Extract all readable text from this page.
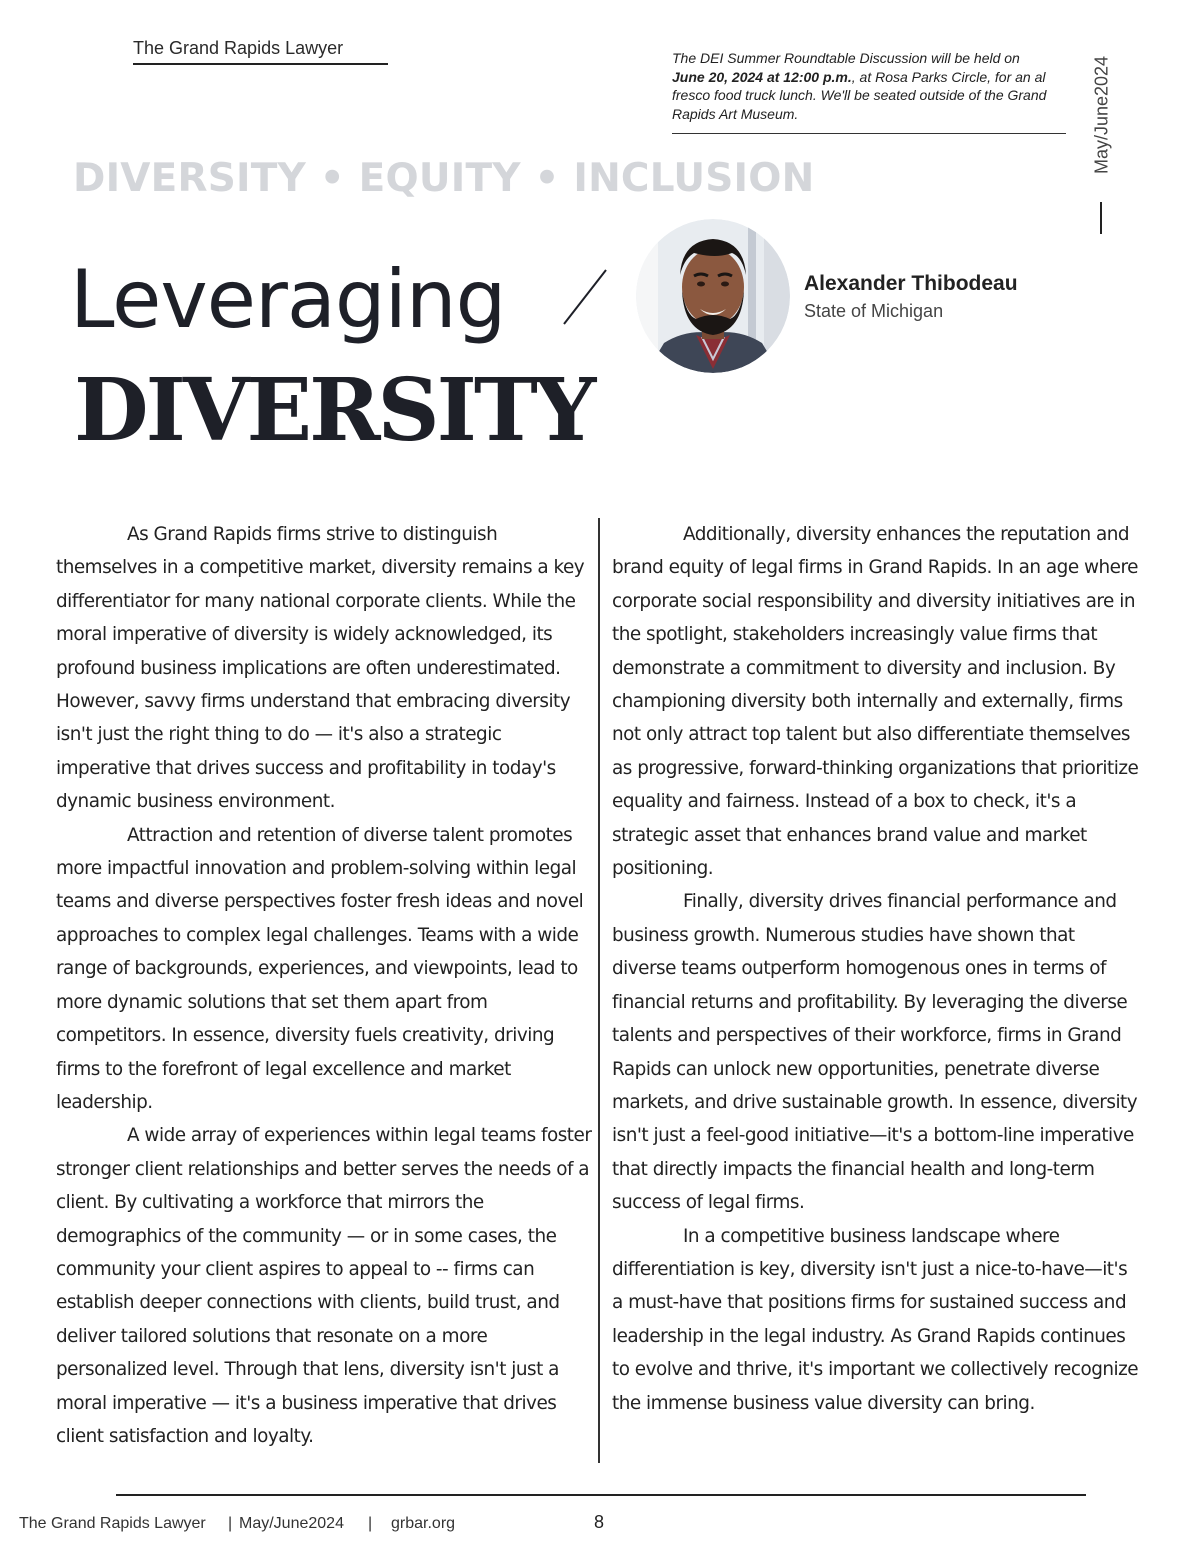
The Grand Rapids Lawyer	The DEI Summer Roundtable Discussion will be held on
June 20, 2024 at 12:00 p.m., at Rosa Parks Circle, for an al fresco food truck lunch. We'll be seated outside of the Grand Rapids Art Museum.	May/June2024
DIVERSITY • EQUITY • INCLUSION
Leveraging
DIVERSITY
Alexander Thibodeau
State of Michigan

As Grand Rapids firms strive to distinguish themselves in a competitive market, diversity remains a key differentiator for many national corporate clients. While the moral imperative of diversity is widely acknowledged, its profound business implications are often underestimated. However, savvy firms understand that embracing diversity isn't just the right thing to do — it's also a strategic imperative that drives success and profitability in today's dynamic business environment.

Attraction and retention of diverse talent promotes more impactful innovation and problem-solving within legal teams and diverse perspectives foster fresh ideas and novel approaches to complex legal challenges. Teams with a wide range of backgrounds, experiences, and viewpoints, lead to more dynamic solutions that set them apart from competitors. In essence, diversity fuels creativity, driving firms to the forefront of legal excellence and market leadership.

A wide array of experiences within legal teams foster stronger client relationships and better serves the needs of a client. By cultivating a workforce that mirrors the demographics of the community — or in some cases, the community your client aspires to appeal to -- firms can establish deeper connections with clients, build trust, and deliver tailored solutions that resonate on a more personalized level. Through that lens, diversity isn't just a moral imperative — it's a business imperative that drives client satisfaction and loyalty.

Additionally, diversity enhances the reputation and brand equity of legal firms in Grand Rapids. In an age where corporate social responsibility and diversity initiatives are in the spotlight, stakeholders increasingly value firms that demonstrate a commitment to diversity and inclusion. By championing diversity both internally and externally, firms not only attract top talent but also differentiate themselves as progressive, forward-thinking organizations that prioritize equality and fairness. Instead of a box to check, it's a strategic asset that enhances brand value and market positioning.

Finally, diversity drives financial performance and business growth. Numerous studies have shown that diverse teams outperform homogenous ones in terms of financial returns and profitability. By leveraging the diverse talents and perspectives of their workforce, firms in Grand Rapids can unlock new opportunities, penetrate diverse markets, and drive sustainable growth. In essence, diversity isn't just a feel-good initiative—it's a bottom-line imperative that directly impacts the financial health and long-term success of legal firms.

In a competitive business landscape where differentiation is key, diversity isn't just a nice-to-have—it's a must-have that positions firms for sustained success and leadership in the legal industry. As Grand Rapids continues to evolve and thrive, it's important we collectively recognize the immense business value diversity can bring.

The Grand Rapids Lawyer | May/June2024 | grbar.org	8
